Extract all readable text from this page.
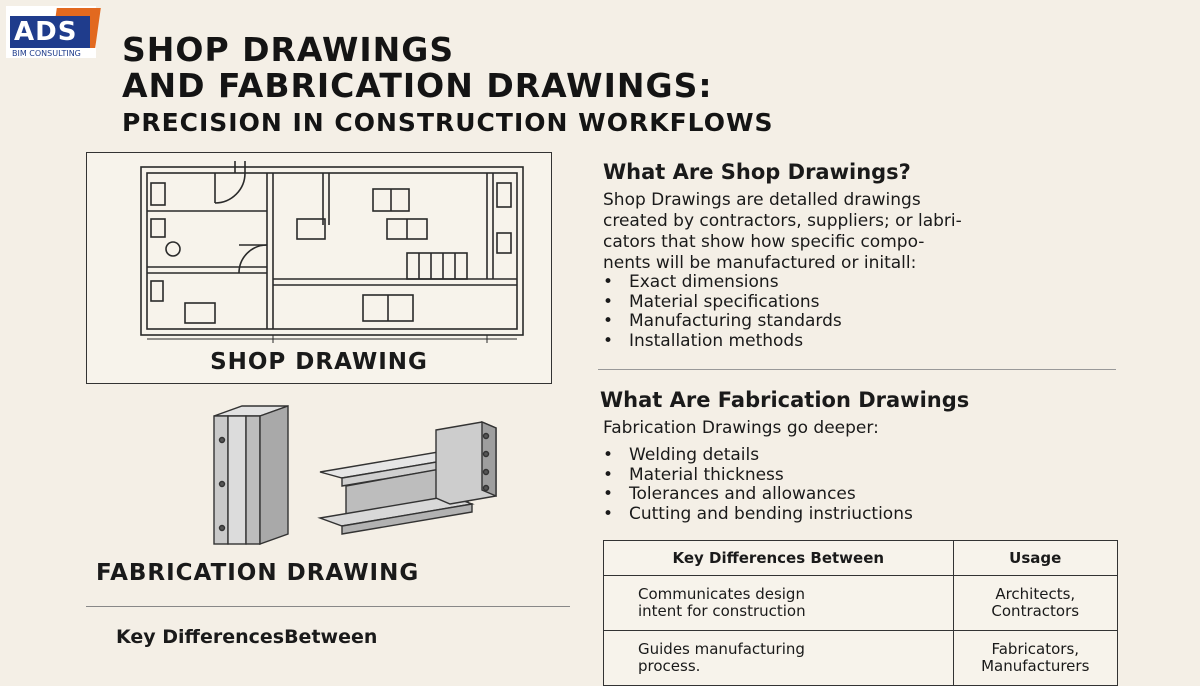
ADS
BIM CONSULTING SHOP DRAWINGS
AND FABRICATION DRAWINGS:
PRECISION IN CONSTRUCTION WORKFLOWS
SHOP DRAWING
FABRICATION DRAWING
Key DifferencesBetween
What Are Shop Drawings?

Shop Drawings are detalled drawings
created by contractors, suppliers; or labri-
cators that show how specific compo-
nents will be manufactured or initall:

• Exact dimensions
• Material specifications
• Manufacturing standards
• Installation methods
What Are Fabrication Drawings

Fabrication Drawings go deeper:

• Welding details
• Material thickness
• Tolerances and allowances
• Cutting and bending instriuctions
Key Differences Between	Usage

Communicates design
intent for construction	Architects,
Contractors

Guides manufacturing
process.	Fabricators,
Manufacturers
